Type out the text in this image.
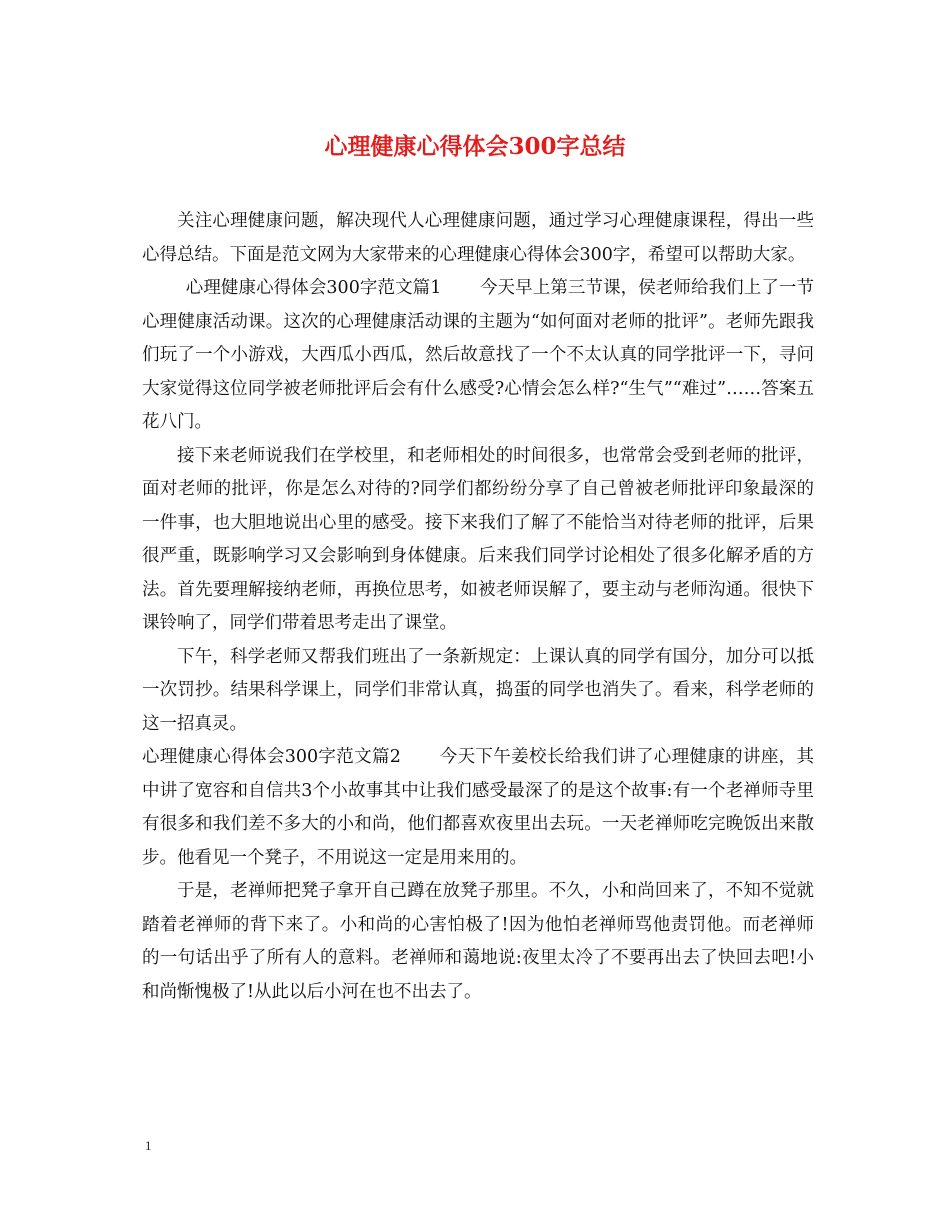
心理健康心得体会300字总结

关注心理健康问题，解决现代人心理健康问题，通过学习心理健康课程，得出一些心得总结。下面是范文网为大家带来的心理健康心得体会300字，希望可以帮助大家。

心理健康心得体会300字范文篇1 今天早上第三节课，侯老师给我们上了一节心理健康活动课。这次的心理健康活动课的主题为“如何面对老师的批评”。老师先跟我们玩了一个小游戏，大西瓜小西瓜，然后故意找了一个不太认真的同学批评一下，寻问大家觉得这位同学被老师批评后会有什么感受?心情会怎么样?“生气”“难过”……答案五花八门。

接下来老师说我们在学校里，和老师相处的时间很多，也常常会受到老师的批评，面对老师的批评，你是怎么对待的?同学们都纷纷分享了自己曾被老师批评印象最深的一件事，也大胆地说出心里的感受。接下来我们了解了不能恰当对待老师的批评，后果很严重，既影响学习又会影响到身体健康。后来我们同学讨论相处了很多化解矛盾的方法。首先要理解接纳老师，再换位思考，如被老师误解了，要主动与老师沟通。很快下课铃响了，同学们带着思考走出了课堂。

下午，科学老师又帮我们班出了一条新规定：上课认真的同学有国分，加分可以抵一次罚抄。结果科学课上，同学们非常认真，捣蛋的同学也消失了。看来，科学老师的这一招真灵。

心理健康心得体会300字范文篇2 今天下午姜校长给我们讲了心理健康的讲座，其中讲了宽容和自信共3个小故事其中让我们感受最深了的是这个故事:有一个老禅师寺里有很多和我们差不多大的小和尚，他们都喜欢夜里出去玩。一天老禅师吃完晚饭出来散步。他看见一个凳子，不用说这一定是用来用的。

于是，老禅师把凳子拿开自己蹲在放凳子那里。不久，小和尚回来了，不知不觉就踏着老禅师的背下来了。小和尚的心害怕极了!因为他怕老禅师骂他责罚他。而老禅师的一句话出乎了所有人的意料。老禅师和蔼地说:夜里太冷了不要再出去了快回去吧!小和尚惭愧极了!从此以后小河在也不出去了。

1
